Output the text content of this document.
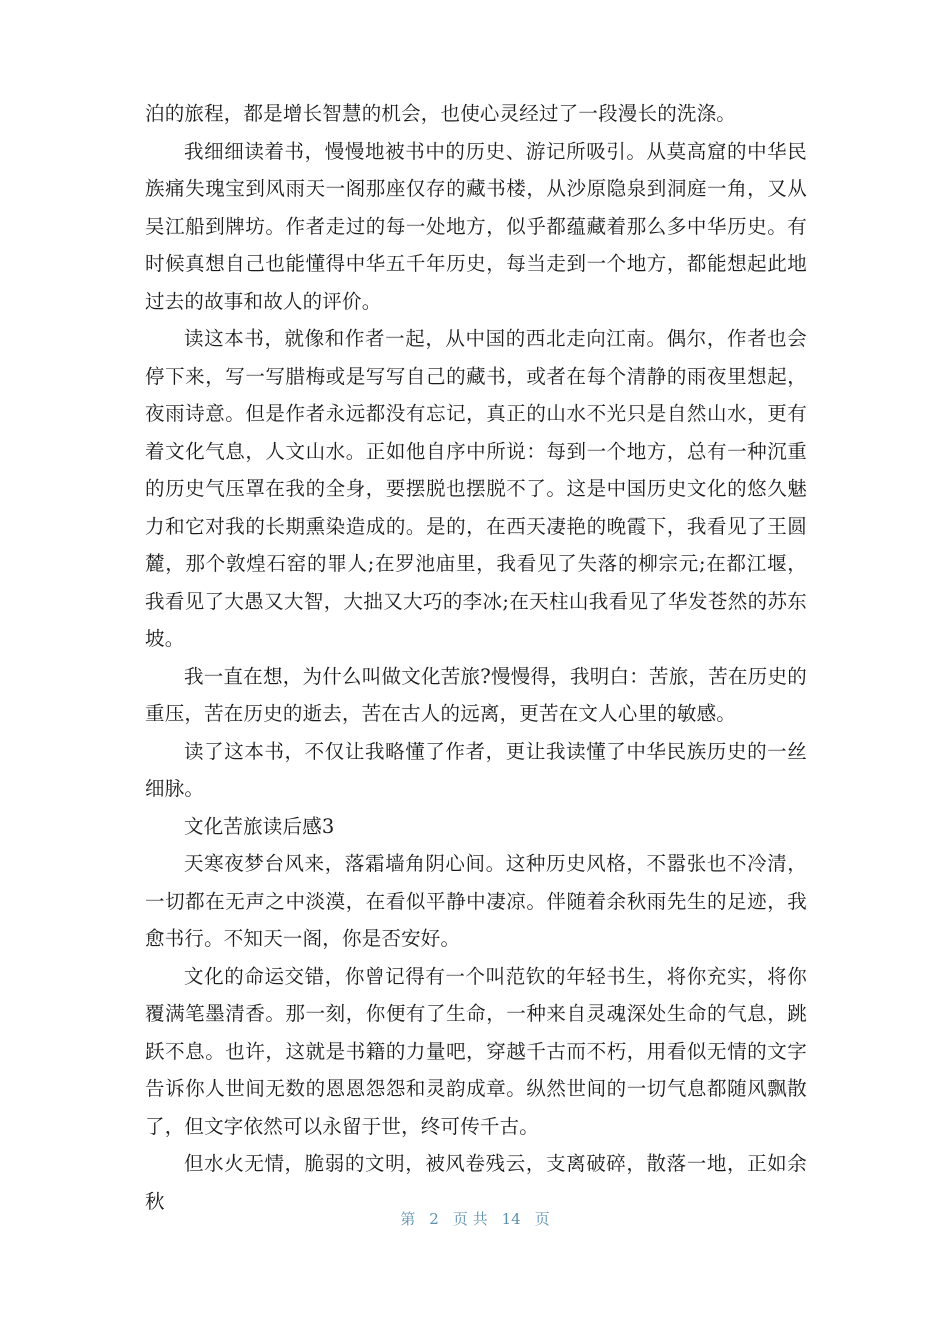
泊的旅程，都是增长智慧的机会，也使心灵经过了一段漫长的洗涤。

我细细读着书，慢慢地被书中的历史、游记所吸引。从莫高窟的中华民族痛失瑰宝到风雨天一阁那座仅存的藏书楼，从沙原隐泉到洞庭一角，又从吴江船到牌坊。作者走过的每一处地方，似乎都蕴藏着那么多中华历史。有时候真想自己也能懂得中华五千年历史，每当走到一个地方，都能想起此地过去的故事和故人的评价。

读这本书，就像和作者一起，从中国的西北走向江南。偶尔，作者也会停下来，写一写腊梅或是写写自己的藏书，或者在每个清静的雨夜里想起，夜雨诗意。但是作者永远都没有忘记，真正的山水不光只是自然山水，更有着文化气息，人文山水。正如他自序中所说：每到一个地方，总有一种沉重的历史气压罩在我的全身，要摆脱也摆脱不了。这是中国历史文化的悠久魅力和它对我的长期熏染造成的。是的，在西天凄艳的晚霞下，我看见了王圆麓，那个敦煌石窑的罪人;在罗池庙里，我看见了失落的柳宗元;在都江堰，我看见了大愚又大智，大拙又大巧的李冰;在天柱山我看见了华发苍然的苏东坡。

我一直在想，为什么叫做文化苦旅?慢慢得，我明白：苦旅，苦在历史的重压，苦在历史的逝去，苦在古人的远离，更苦在文人心里的敏感。

读了这本书，不仅让我略懂了作者，更让我读懂了中华民族历史的一丝细脉。

文化苦旅读后感3

天寒夜梦台风来，落霜墙角阴心间。这种历史风格，不嚣张也不冷清，一切都在无声之中淡漠，在看似平静中凄凉。伴随着余秋雨先生的足迹，我愈书行。不知天一阁，你是否安好。

文化的命运交错，你曾记得有一个叫范钦的年轻书生，将你充实，将你覆满笔墨清香。那一刻，你便有了生命，一种来自灵魂深处生命的气息，跳跃不息。也许，这就是书籍的力量吧，穿越千古而不朽，用看似无情的文字告诉你人世间无数的恩恩怨怨和灵韵成章。纵然世间的一切气息都随风飘散了，但文字依然可以永留于世，终可传千古。

但水火无情，脆弱的文明，被风卷残云，支离破碎，散落一地，正如余秋

第 2 页 共 14 页
